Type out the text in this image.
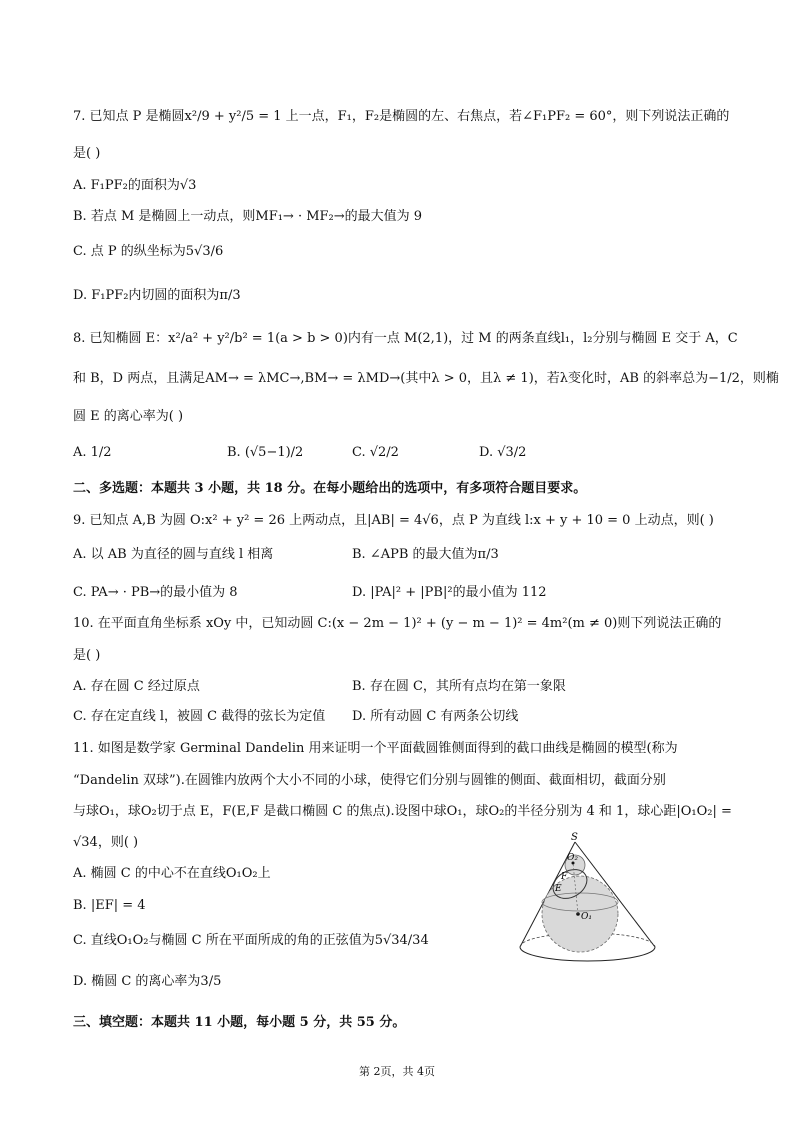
7. 已知点 P 是椭圆x²/9 + y²/5 = 1 上一点，F₁，F₂是椭圆的左、右焦点，若∠F₁PF₂ = 60°，则下列说法正确的
是( )
A. F₁PF₂的面积为√3
B. 若点 M 是椭圆上一动点，则MF₁→ · MF₂→的最大值为 9
C. 点 P 的纵坐标为5√3/6
D. F₁PF₂内切圆的面积为π/3
8. 已知椭圆 E：x²/a² + y²/b² = 1(a > b > 0)内有一点 M(2,1)，过 M 的两条直线l₁，l₂分别与椭圆 E 交于 A，C
和 B，D 两点，且满足AM→ = λMC→,BM→ = λMD→(其中λ > 0，且λ ≠ 1)，若λ变化时，AB 的斜率总为−1/2，则椭
圆 E 的离心率为( )
A. 1/2	B. (√5−1)/2	C. √2/2	D. √3/2
二、多选题：本题共 3 小题，共 18 分。在每小题给出的选项中，有多项符合题目要求。
9. 已知点 A,B 为圆 O:x² + y² = 26 上两动点，且|AB| = 4√6，点 P 为直线 l:x + y + 10 = 0 上动点，则( )
A. 以 AB 为直径的圆与直线 l 相离	B. ∠APB 的最大值为π/3
C. PA→ · PB→的最小值为 8	D. |PA|² + |PB|²的最小值为 112
10. 在平面直角坐标系 xOy 中，已知动圆 C:(x − 2m − 1)² + (y − m − 1)² = 4m²(m ≠ 0)则下列说法正确的
是( )
A. 存在圆 C 经过原点	B. 存在圆 C，其所有点均在第一象限
C. 存在定直线 l，被圆 C 截得的弦长为定值 D. 所有动圆 C 有两条公切线
11. 如图是数学家 Germinal Dandelin 用来证明一个平面截圆锥侧面得到的截口曲线是椭圆的模型(称为
“Dandelin 双球”).在圆锥内放两个大小不同的小球，使得它们分别与圆锥的侧面、截面相切，截面分别
与球O₁，球O₂切于点 E，F(E,F 是截口椭圆 C 的焦点).设图中球O₁，球O₂的半径分别为 4 和 1，球心距|O₁O₂| =
√34，则( )
A. 椭圆 C 的中心不在直线O₁O₂上
B. |EF| = 4
C. 直线O₁O₂与椭圆 C 所在平面所成的角的正弦值为5√34/34
D. 椭圆 C 的离心率为3/5
S
O₂
F
E
O₁
三、填空题：本题共 11 小题，每小题 5 分，共 55 分。
第 2页，共 4页
